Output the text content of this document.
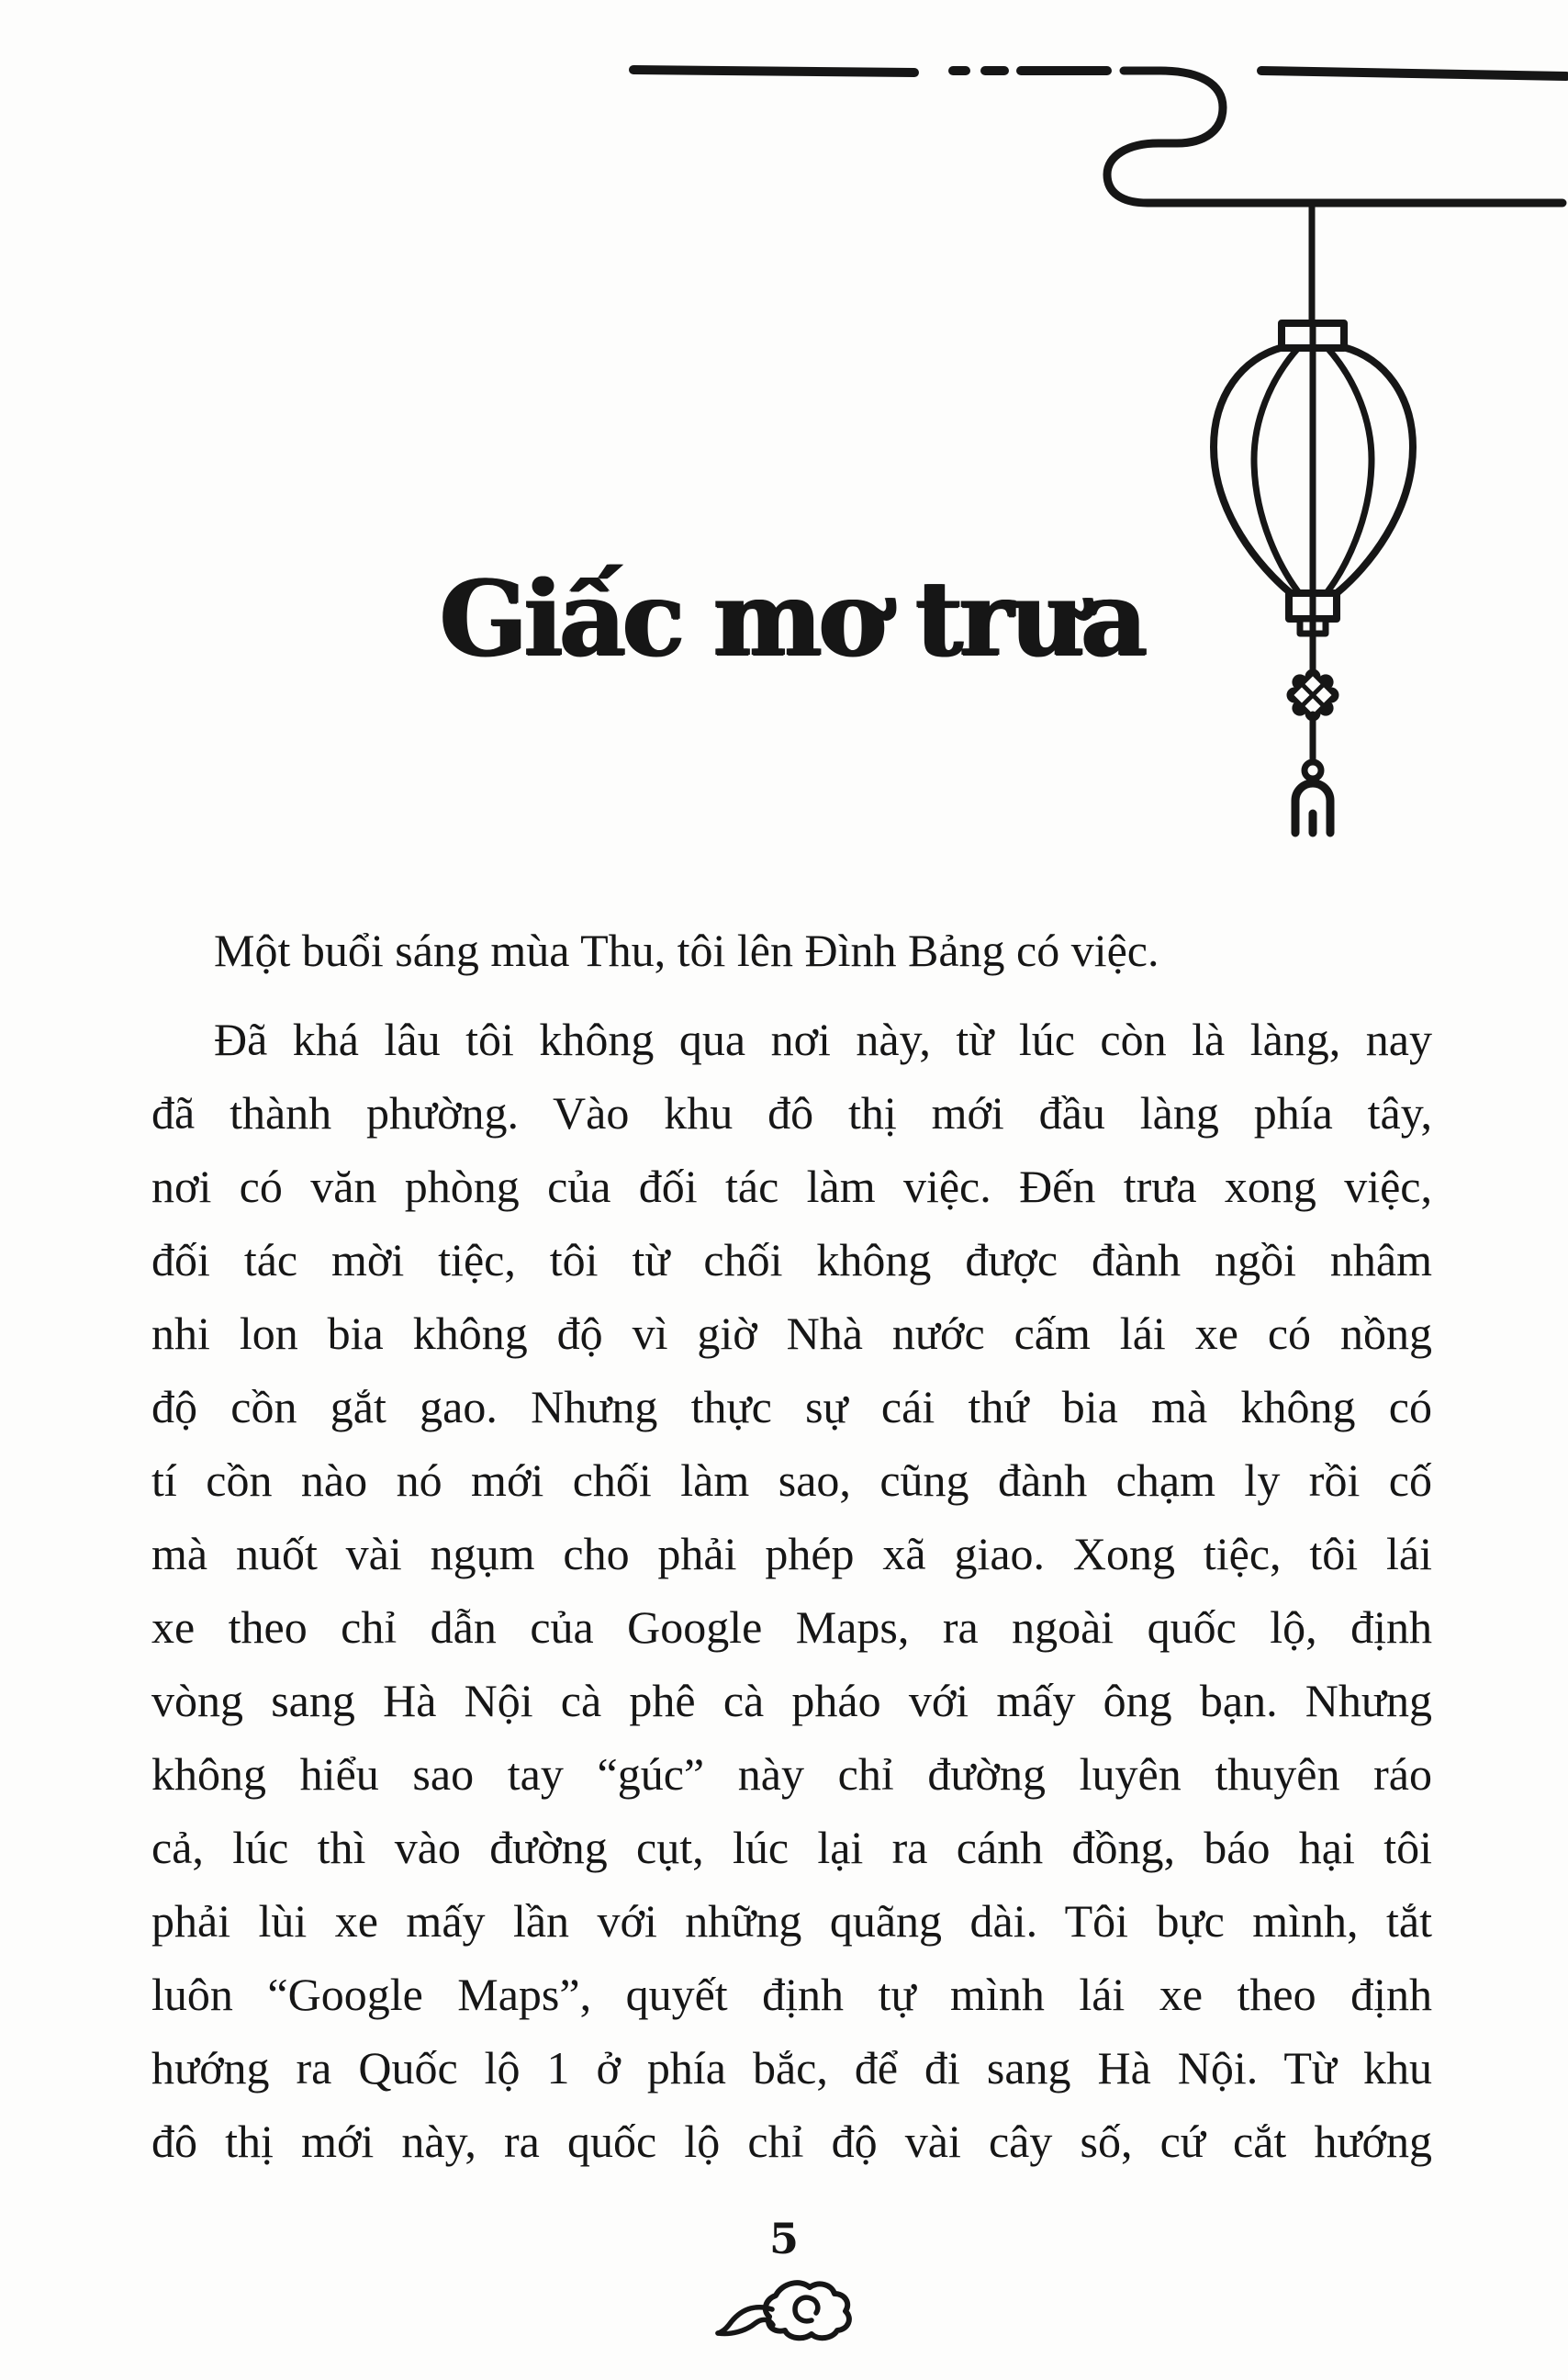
Giấc mơ trưa
Một buổi sáng mùa Thu, tôi lên Đình Bảng có việc.
Đã khá lâu tôi không qua nơi này, từ lúc còn là làng, nay
đã thành phường. Vào khu đô thị mới đầu làng phía tây,
nơi có văn phòng của đối tác làm việc. Đến trưa xong việc,
đối tác mời tiệc, tôi từ chối không được đành ngồi nhâm
nhi lon bia không độ vì giờ Nhà nước cấm lái xe có nồng
độ cồn gắt gao. Nhưng thực sự cái thứ bia mà không có
tí cồn nào nó mới chối làm sao, cũng đành chạm ly rồi cố
mà nuốt vài ngụm cho phải phép xã giao. Xong tiệc, tôi lái
xe theo chỉ dẫn của Google Maps, ra ngoài quốc lộ, định
vòng sang Hà Nội cà phê cà pháo với mấy ông bạn. Nhưng
không hiểu sao tay “gúc” này chỉ đường luyên thuyên ráo
cả, lúc thì vào đường cụt, lúc lại ra cánh đồng, báo hại tôi
phải lùi xe mấy lần với những quãng dài. Tôi bực mình, tắt
luôn “Google Maps”, quyết định tự mình lái xe theo định
hướng ra Quốc lộ 1 ở phía bắc, để đi sang Hà Nội. Từ khu
đô thị mới này, ra quốc lộ chỉ độ vài cây số, cứ cắt hướng
5
